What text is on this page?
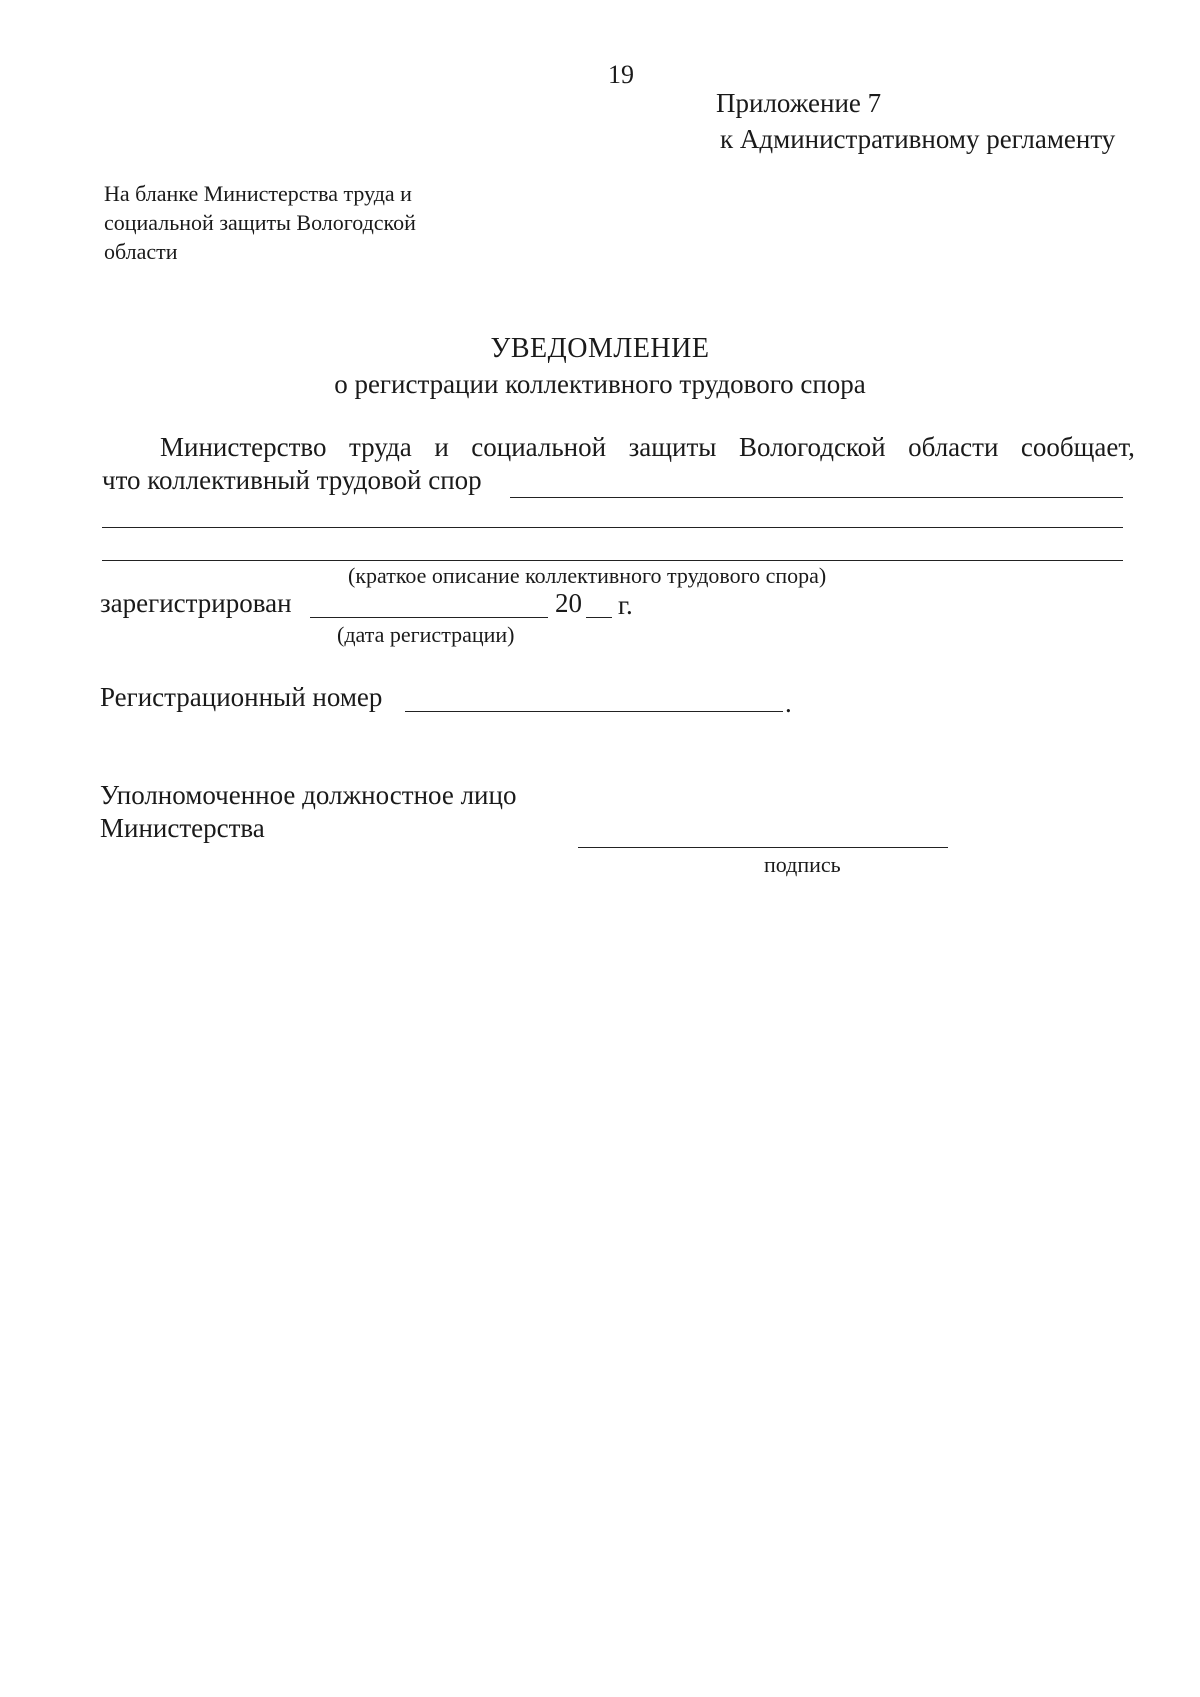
19
Приложение 7
к Административному регламенту
На бланке Министерства труда и социальной защиты Вологодской области
УВЕДОМЛЕНИЕ
о регистрации коллективного трудового спора
Министерство труда и социальной защиты Вологодской области сообщает,
что коллективный трудовой спор
(краткое описание коллективного трудового спора)
зарегистрирован	20 г.
(дата регистрации)
Регистрационный номер	.
Уполномоченное должностное лицо
Министерства
подпись
